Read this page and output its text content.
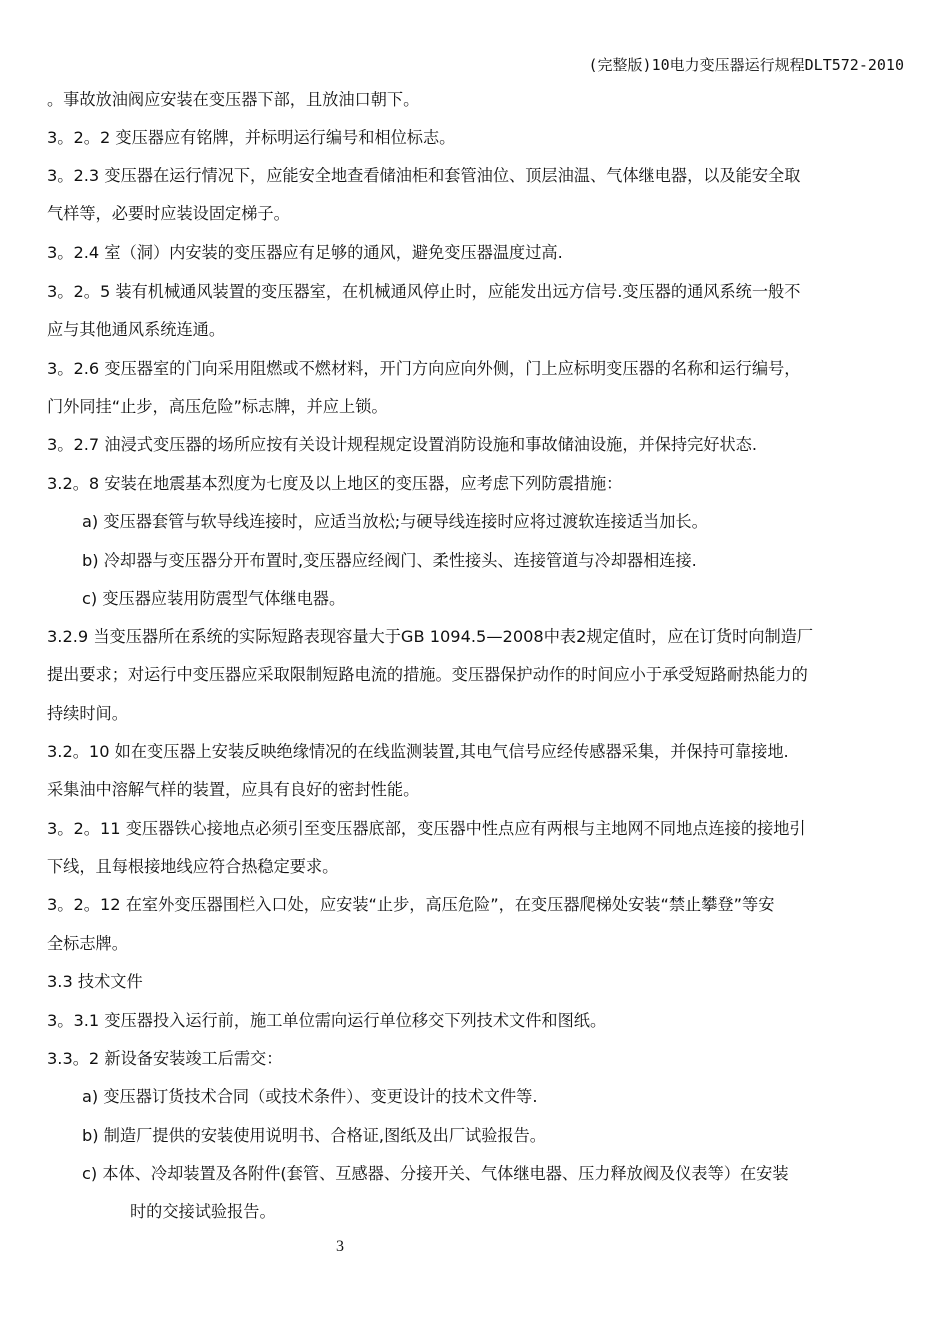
(完整版)10电力变压器运行规程DLT572-2010
。事故放油阀应安装在变压器下部，且放油口朝下。
3。2。2 变压器应有铭牌，并标明运行编号和相位标志。
3。2.3 变压器在运行情况下，应能安全地查看储油柜和套管油位、顶层油温、气体继电器，以及能安全取
气样等，必要时应装设固定梯子。
3。2.4 室（洞）内安装的变压器应有足够的通风，避免变压器温度过高.
3。2。5 装有机械通风装置的变压器室，在机械通风停止时，应能发出远方信号.变压器的通风系统一般不
应与其他通风系统连通。
3。2.6 变压器室的门向采用阻燃或不燃材料，开门方向应向外侧，门上应标明变压器的名称和运行编号，
门外同挂“止步，高压危险”标志牌，并应上锁。
3。2.7 油浸式变压器的场所应按有关设计规程规定设置消防设施和事故储油设施，并保持完好状态.
3.2。8 安装在地震基本烈度为七度及以上地区的变压器，应考虑下列防震措施：
a) 变压器套管与软导线连接时，应适当放松;与硬导线连接时应将过渡软连接适当加长。
b) 冷却器与变压器分开布置时,变压器应经阀门、柔性接头、连接管道与冷却器相连接.
c) 变压器应装用防震型气体继电器。
3.2.9 当变压器所在系统的实际短路表现容量大于GB 1094.5—2008中表2规定值时，应在订货时向制造厂
提出要求；对运行中变压器应采取限制短路电流的措施。变压器保护动作的时间应小于承受短路耐热能力的
持续时间。
3.2。10 如在变压器上安装反映绝缘情况的在线监测装置,其电气信号应经传感器采集，并保持可靠接地.
采集油中溶解气样的装置，应具有良好的密封性能。
3。2。11 变压器铁心接地点必须引至变压器底部，变压器中性点应有两根与主地网不同地点连接的接地引
下线，且每根接地线应符合热稳定要求。
3。2。12 在室外变压器围栏入口处，应安装“止步，高压危险”，在变压器爬梯处安装“禁止攀登”等安
全标志牌。
3.3 技术文件
3。3.1 变压器投入运行前，施工单位需向运行单位移交下列技术文件和图纸。
3.3。2 新设备安装竣工后需交：
a) 变压器订货技术合同（或技术条件）、变更设计的技术文件等.
b) 制造厂提供的安装使用说明书、合格证,图纸及出厂试验报告。
c) 本体、冷却装置及各附件(套管、互感器、分接开关、气体继电器、压力释放阀及仪表等）在安装
时的交接试验报告。
3
